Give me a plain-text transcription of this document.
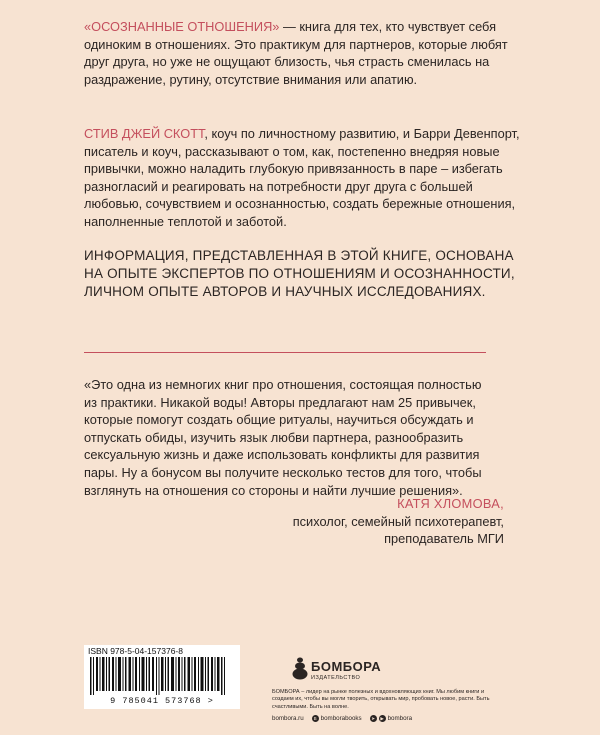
«ОСОЗНАННЫЕ ОТНОШЕНИЯ» — книга для тех, кто чувствует себя одиноким в отношениях. Это практикум для партнеров, которые любят друг друга, но уже не ощущают близость, чья страсть сменилась на раздражение, рутину, отсутствие внимания или апатию.

СТИВ ДЖЕЙ СКОТТ, коуч по личностному развитию, и Барри Девенпорт, писатель и коуч, рассказывают о том, как, постепенно внедряя новые привычки, можно наладить глубокую привязанность в паре – избегать разногласий и реагировать на потребности друг друга с большей любовью, сочувствием и осознанностью, создать бережные отношения, наполненные теплотой и заботой.

ИНФОРМАЦИЯ, ПРЕДСТАВЛЕННАЯ В ЭТОЙ КНИГЕ, ОСНОВАНА НА ОПЫТЕ ЭКСПЕРТОВ ПО ОТНОШЕНИЯМ И ОСОЗНАННОСТИ, ЛИЧНОМ ОПЫТЕ АВТОРОВ И НАУЧНЫХ ИССЛЕДОВАНИЯХ.

«Это одна из немногих книг про отношения, состоящая полностью из практики. Никакой воды! Авторы предлагают нам 25 привычек, которые помогут создать общие ритуалы, научиться обсуждать и отпускать обиды, изучить язык любви партнера, разнообразить сексуальную жизнь и даже использовать конфликты для развития пары. Ну а бонусом вы получите несколько тестов для того, чтобы взглянуть на отношения со стороны и найти лучшие решения».

КАТЯ ХЛОМОВА,
психолог, семейный психотерапевт,
преподаватель МГИ
ISBN 978-5-04-157376-8
9 785041 573768 >
БОМБОРА
ИЗДАТЕЛЬСТВО

БОМБОРА – лидер на рынке полезных и вдохновляющих книг. Мы любим книги и создаем их, чтобы вы могли творить, открывать мир, пробовать новое, расти. Быть счастливыми. Быть на волне.

bombora.ru	В bomborabooks	➤	▶ bombora
